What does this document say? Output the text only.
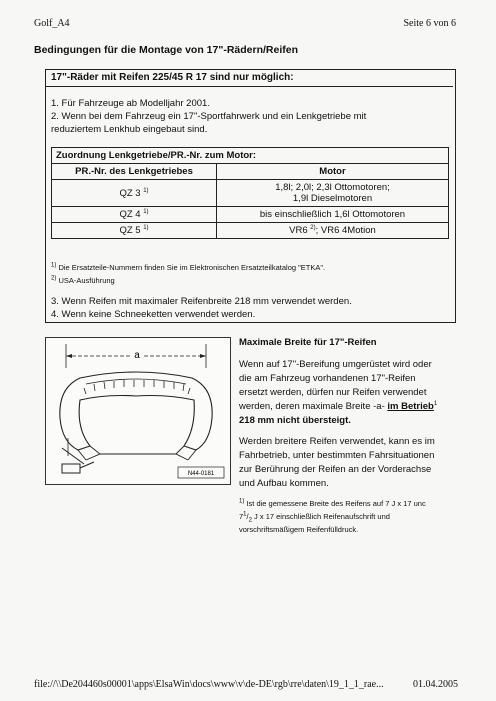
Golf_A4	Seite 6 von 6
Bedingungen für die Montage von 17"-Rädern/Reifen
17"-Räder mit Reifen 225/45 R 17 sind nur möglich:
1. Für Fahrzeuge ab Modelljahr 2001.
2. Wenn bei dem Fahrzeug ein 17"-Sportfahrwerk und ein Lenkgetriebe mit
reduziertem Lenkhub eingebaut sind.
Zuordnung Lenkgetriebe/PR.-Nr. zum Motor:	
PR.-Nr. des Lenkgetriebes	Motor
QZ 3 $^{1)}$	1,8l; 2,0l; 2,3l Ottomotoren;
1,9l Dieselmotoren
QZ 4 $^{1)}$	bis einschließlich 1,6l Ottomotoren
QZ 5 $^{1)}$	VR6 $^{2)}$; VR6 4Motion
$^{1)}$ Die Ersatzteile-Nummern finden Sie im Elektronischen Ersatzteilkatalog "ETKA".
$^{2)}$ USA-Ausführung
3. Wenn Reifen mit maximaler Reifenbreite 218 mm verwendet werden.
4. Wenn keine Schneeketten verwendet werden.
a
N44-0181
Maximale Breite für 17"-Reifen
Wenn auf 17"-Bereifung umgerüstet wird oder
die am Fahrzeug vorhandenen 17"-Reifen
ersetzt werden, dürfen nur Reifen verwendet
werden, deren maximale Breite -a- im Betrieb$^1$
218 mm nicht übersteigt.
Werden breitere Reifen verwendet, kann es im
Fahrbetrieb, unter bestimmten Fahrsituationen
zur Berührung der Reifen an der Vorderachse
und Aufbau kommen.
$^{1)}$ Ist die gemessene Breite des Reifens auf 7 J x 17 unc
$7^1/_2$ J x 17 einschließlich Reifenaufschrift und
vorschriftsmäßigem Reifenfülldruck.
file://\\De204460s00001\apps\ElsaWin\docs\www\v\de-DE\rgb\rre\daten\19_1_1_rae...	01.04.2005
